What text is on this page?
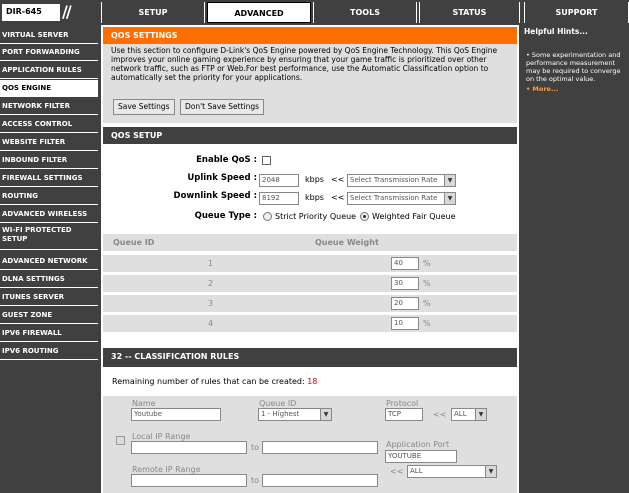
DIR-645	//	SETUP	ADVANCED	TOOLS	STATUS	SUPPORT
VIRTUAL SERVER
PORT FORWARDING
APPLICATION RULES
QOS ENGINE
NETWORK FILTER
ACCESS CONTROL
WEBSITE FILTER
INBOUND FILTER
FIREWALL SETTINGS
ROUTING
ADVANCED WIRELESS
WI-FI PROTECTED SETUP
ADVANCED NETWORK
DLNA SETTINGS
ITUNES SERVER
GUEST ZONE
IPV6 FIREWALL
IPV6 ROUTING
QOS SETTINGS

Use this section to configure D-Link's QoS Engine powered by QoS Engine Technology. This QoS Engine improves your online gaming experience by ensuring that your game traffic is prioritized over other network traffic, such as FTP or Web.For best performance, use the Automatic Classification option to automatically set the priority for your applications.

Save Settings	Don't Save Settings
QOS SETUP
Enable QoS :
Uplink Speed : 2048	kbps << Select Transmission Rate	▼
Downlink Speed : 8192	kbps << Select Transmission Rate	▼
Queue Type : Strict Priority Queue Weighted Fair Queue
Queue ID	Queue Weight
1	40	%
2	30	%
3	20	%
4	10	%
32 -- CLASSIFICATION RULES
Remaining number of rules that can be created: 18
Name
Youtube
Queue ID
1 - Highest	▼
Protocol
TCP	<<	ALL	▼
Local IP Range
to	Application Port
YOUTUBE
Remote IP Range
to
<< ALL	▼
Helpful Hints...
• Some experimentation and performance measurement may be required to converge on the optimal value.
• More...
